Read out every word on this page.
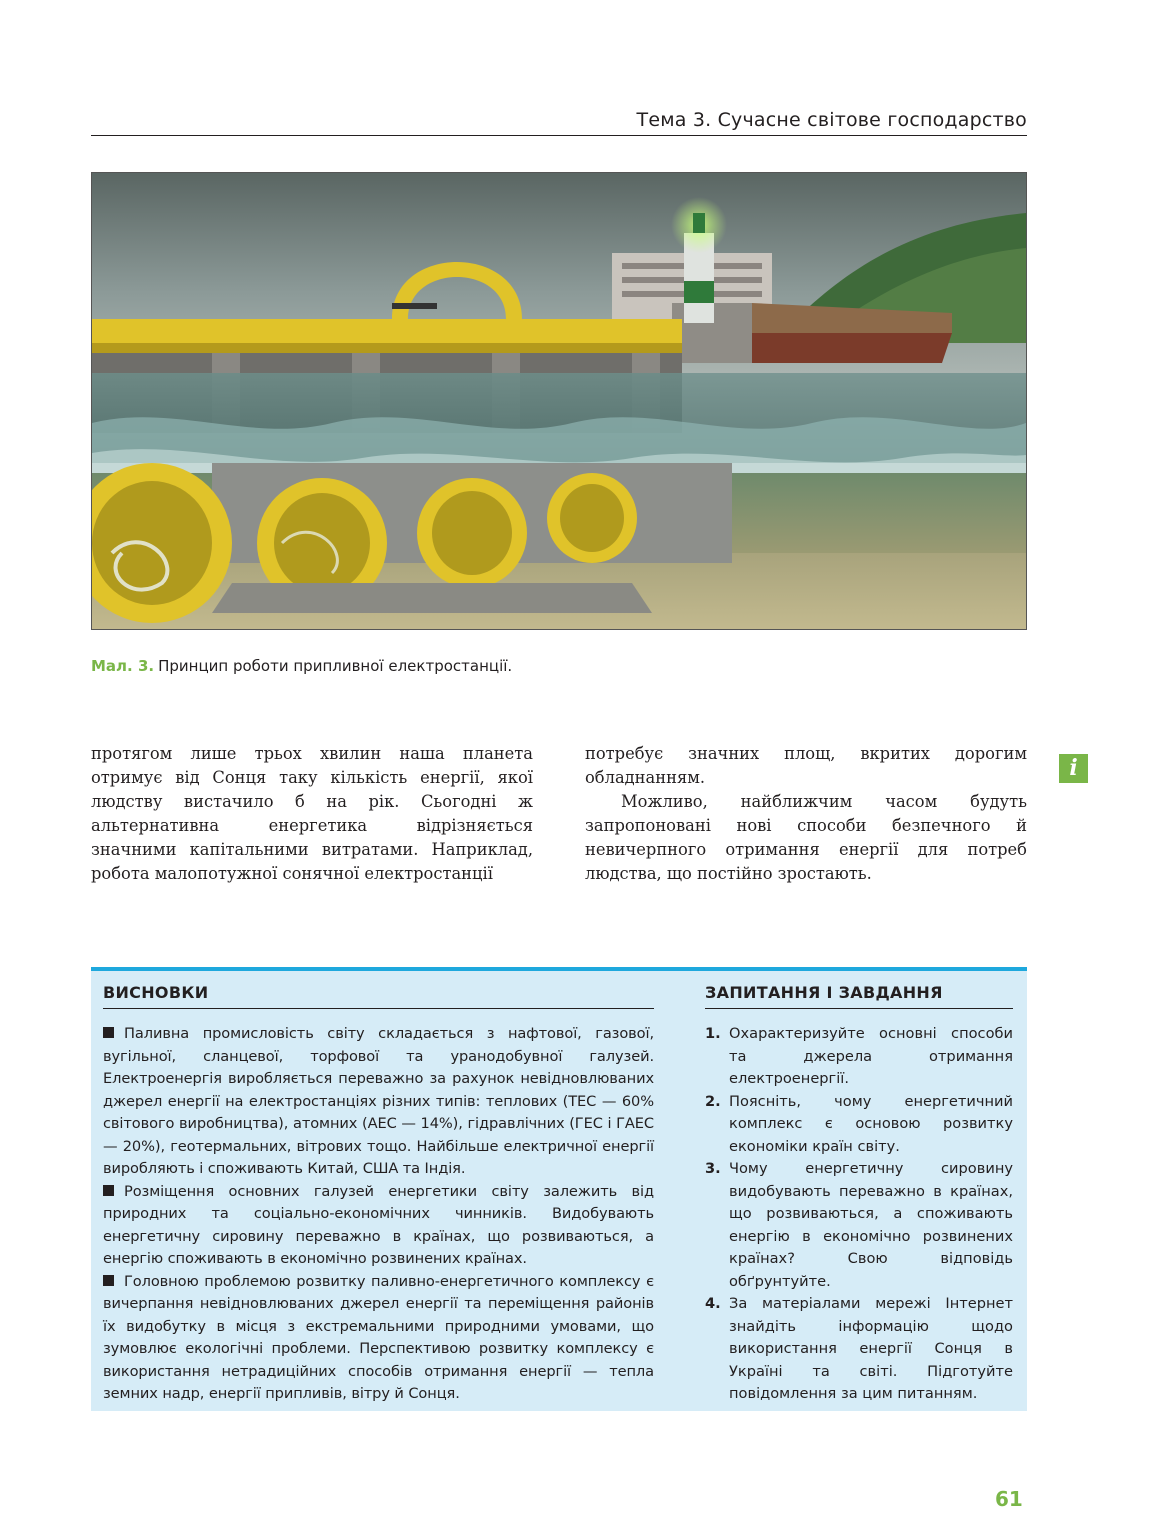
Тема 3. Сучасне світове господарство
Мал. 3. Принцип роботи припливної електростанції.

протягом лише трьох хвилин наша планета отримує від Сонця таку кількість енергії, якої людству вистачило б на рік. Сьогодні ж альтернативна енергетика відрізняється значними капітальними витратами. Наприклад, робота малопотужної сонячної електростанції

потребує значних площ, вкритих дорогим обладнанням.

Можливо, найближчим часом будуть запропоновані нові способи безпечного й невичерпного отримання енергії для потреб людства, що постійно зростають.

i
ВИСНОВКИ

Паливна промисловість світу складається з нафтової, газової, вугільної, сланцевої, торфової та уранодобувної галузей. Електроенергія виробляється переважно за рахунок невідновлюваних джерел енергії на електростанціях різних типів: теплових (ТЕС — 60% світового виробництва), атомних (АЕС — 14%), гідравлічних (ГЕС і ГАЕС — 20%), геотермальних, вітрових тощо. Найбільше електричної енергії виробляють і споживають Китай, США та Індія.

Розміщення основних галузей енергетики світу залежить від природних та соціально-економічних чинників. Видобувають енергетичну сировину переважно в країнах, що розвиваються, а енергію споживають в економічно розвинених країнах.

Головною проблемою розвитку паливно-енергетичного комплексу є вичерпання невідновлюваних джерел енергії та переміщення районів їх видобутку в місця з екстремальними природними умовами, що зумовлює екологічні проблеми. Перспективою розвитку комплексу є використання нетрадиційних способів отримання енергії — тепла земних надр, енергії припливів, вітру й Сонця.

ЗАПИТАННЯ І ЗАВДАННЯ
1. Охарактеризуйте основні способи та джерела отримання електроенергії.
2. Поясніть, чому енергетичний комплекс є основою розвитку економіки країн світу.
3. Чому енергетичну сировину видобувають переважно в країнах, що розвиваються, а споживають енергію в економічно розвинених країнах? Свою відповідь обґрунтуйте.
4. За матеріалами мережі Інтернет знайдіть інформацію щодо використання енергії Сонця в Україні та світі. Підготуйте повідомлення за цим питанням.
61
